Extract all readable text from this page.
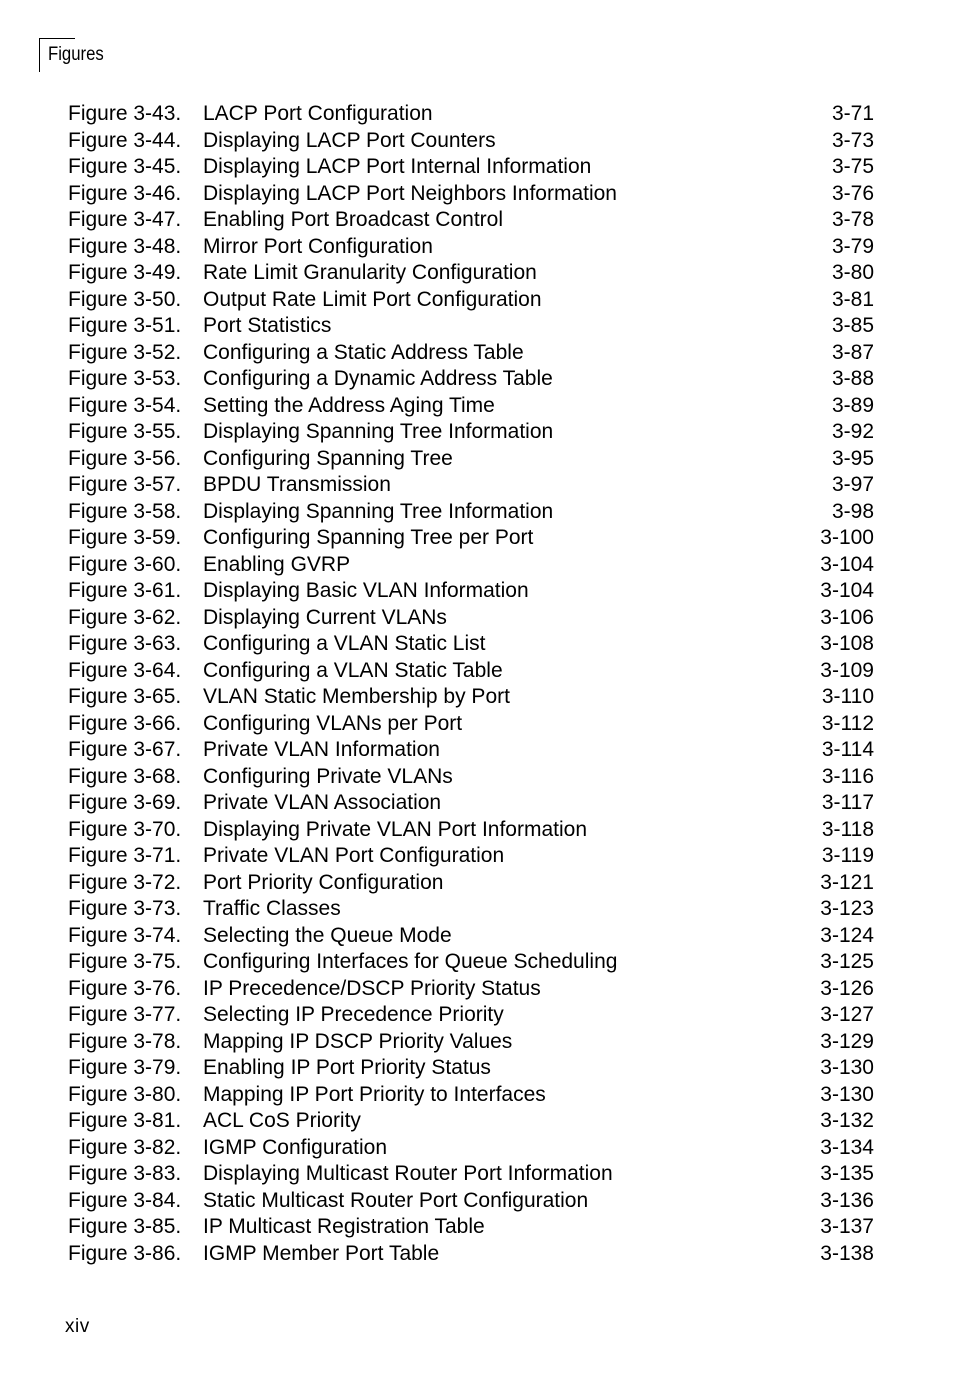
Figures
Figure 3-43. LACP Port Configuration	3-71
Figure 3-44. Displaying LACP Port Counters	3-73
Figure 3-45. Displaying LACP Port Internal Information	3-75
Figure 3-46. Displaying LACP Port Neighbors Information	3-76
Figure 3-47. Enabling Port Broadcast Control	3-78
Figure 3-48. Mirror Port Configuration	3-79
Figure 3-49. Rate Limit Granularity Configuration	3-80
Figure 3-50. Output Rate Limit Port Configuration	3-81
Figure 3-51. Port Statistics	3-85
Figure 3-52. Configuring a Static Address Table	3-87
Figure 3-53. Configuring a Dynamic Address Table	3-88
Figure 3-54. Setting the Address Aging Time	3-89
Figure 3-55. Displaying Spanning Tree Information	3-92
Figure 3-56. Configuring Spanning Tree	3-95
Figure 3-57. BPDU Transmission	3-97
Figure 3-58. Displaying Spanning Tree Information	3-98
Figure 3-59. Configuring Spanning Tree per Port	3-100
Figure 3-60. Enabling GVRP	3-104
Figure 3-61. Displaying Basic VLAN Information	3-104
Figure 3-62. Displaying Current VLANs	3-106
Figure 3-63. Configuring a VLAN Static List	3-108
Figure 3-64. Configuring a VLAN Static Table	3-109
Figure 3-65. VLAN Static Membership by Port	3-110
Figure 3-66. Configuring VLANs per Port	3-112
Figure 3-67. Private VLAN Information	3-114
Figure 3-68. Configuring Private VLANs	3-116
Figure 3-69. Private VLAN Association	3-117
Figure 3-70. Displaying Private VLAN Port Information	3-118
Figure 3-71. Private VLAN Port Configuration	3-119
Figure 3-72. Port Priority Configuration	3-121
Figure 3-73. Traffic Classes	3-123
Figure 3-74. Selecting the Queue Mode	3-124
Figure 3-75. Configuring Interfaces for Queue Scheduling	3-125
Figure 3-76. IP Precedence/DSCP Priority Status	3-126
Figure 3-77. Selecting IP Precedence Priority	3-127
Figure 3-78. Mapping IP DSCP Priority Values	3-129
Figure 3-79. Enabling IP Port Priority Status	3-130
Figure 3-80. Mapping IP Port Priority to Interfaces	3-130
Figure 3-81. ACL CoS Priority	3-132
Figure 3-82. IGMP Configuration	3-134
Figure 3-83. Displaying Multicast Router Port Information	3-135
Figure 3-84. Static Multicast Router Port Configuration	3-136
Figure 3-85. IP Multicast Registration Table	3-137
Figure 3-86. IGMP Member Port Table	3-138
xiv
